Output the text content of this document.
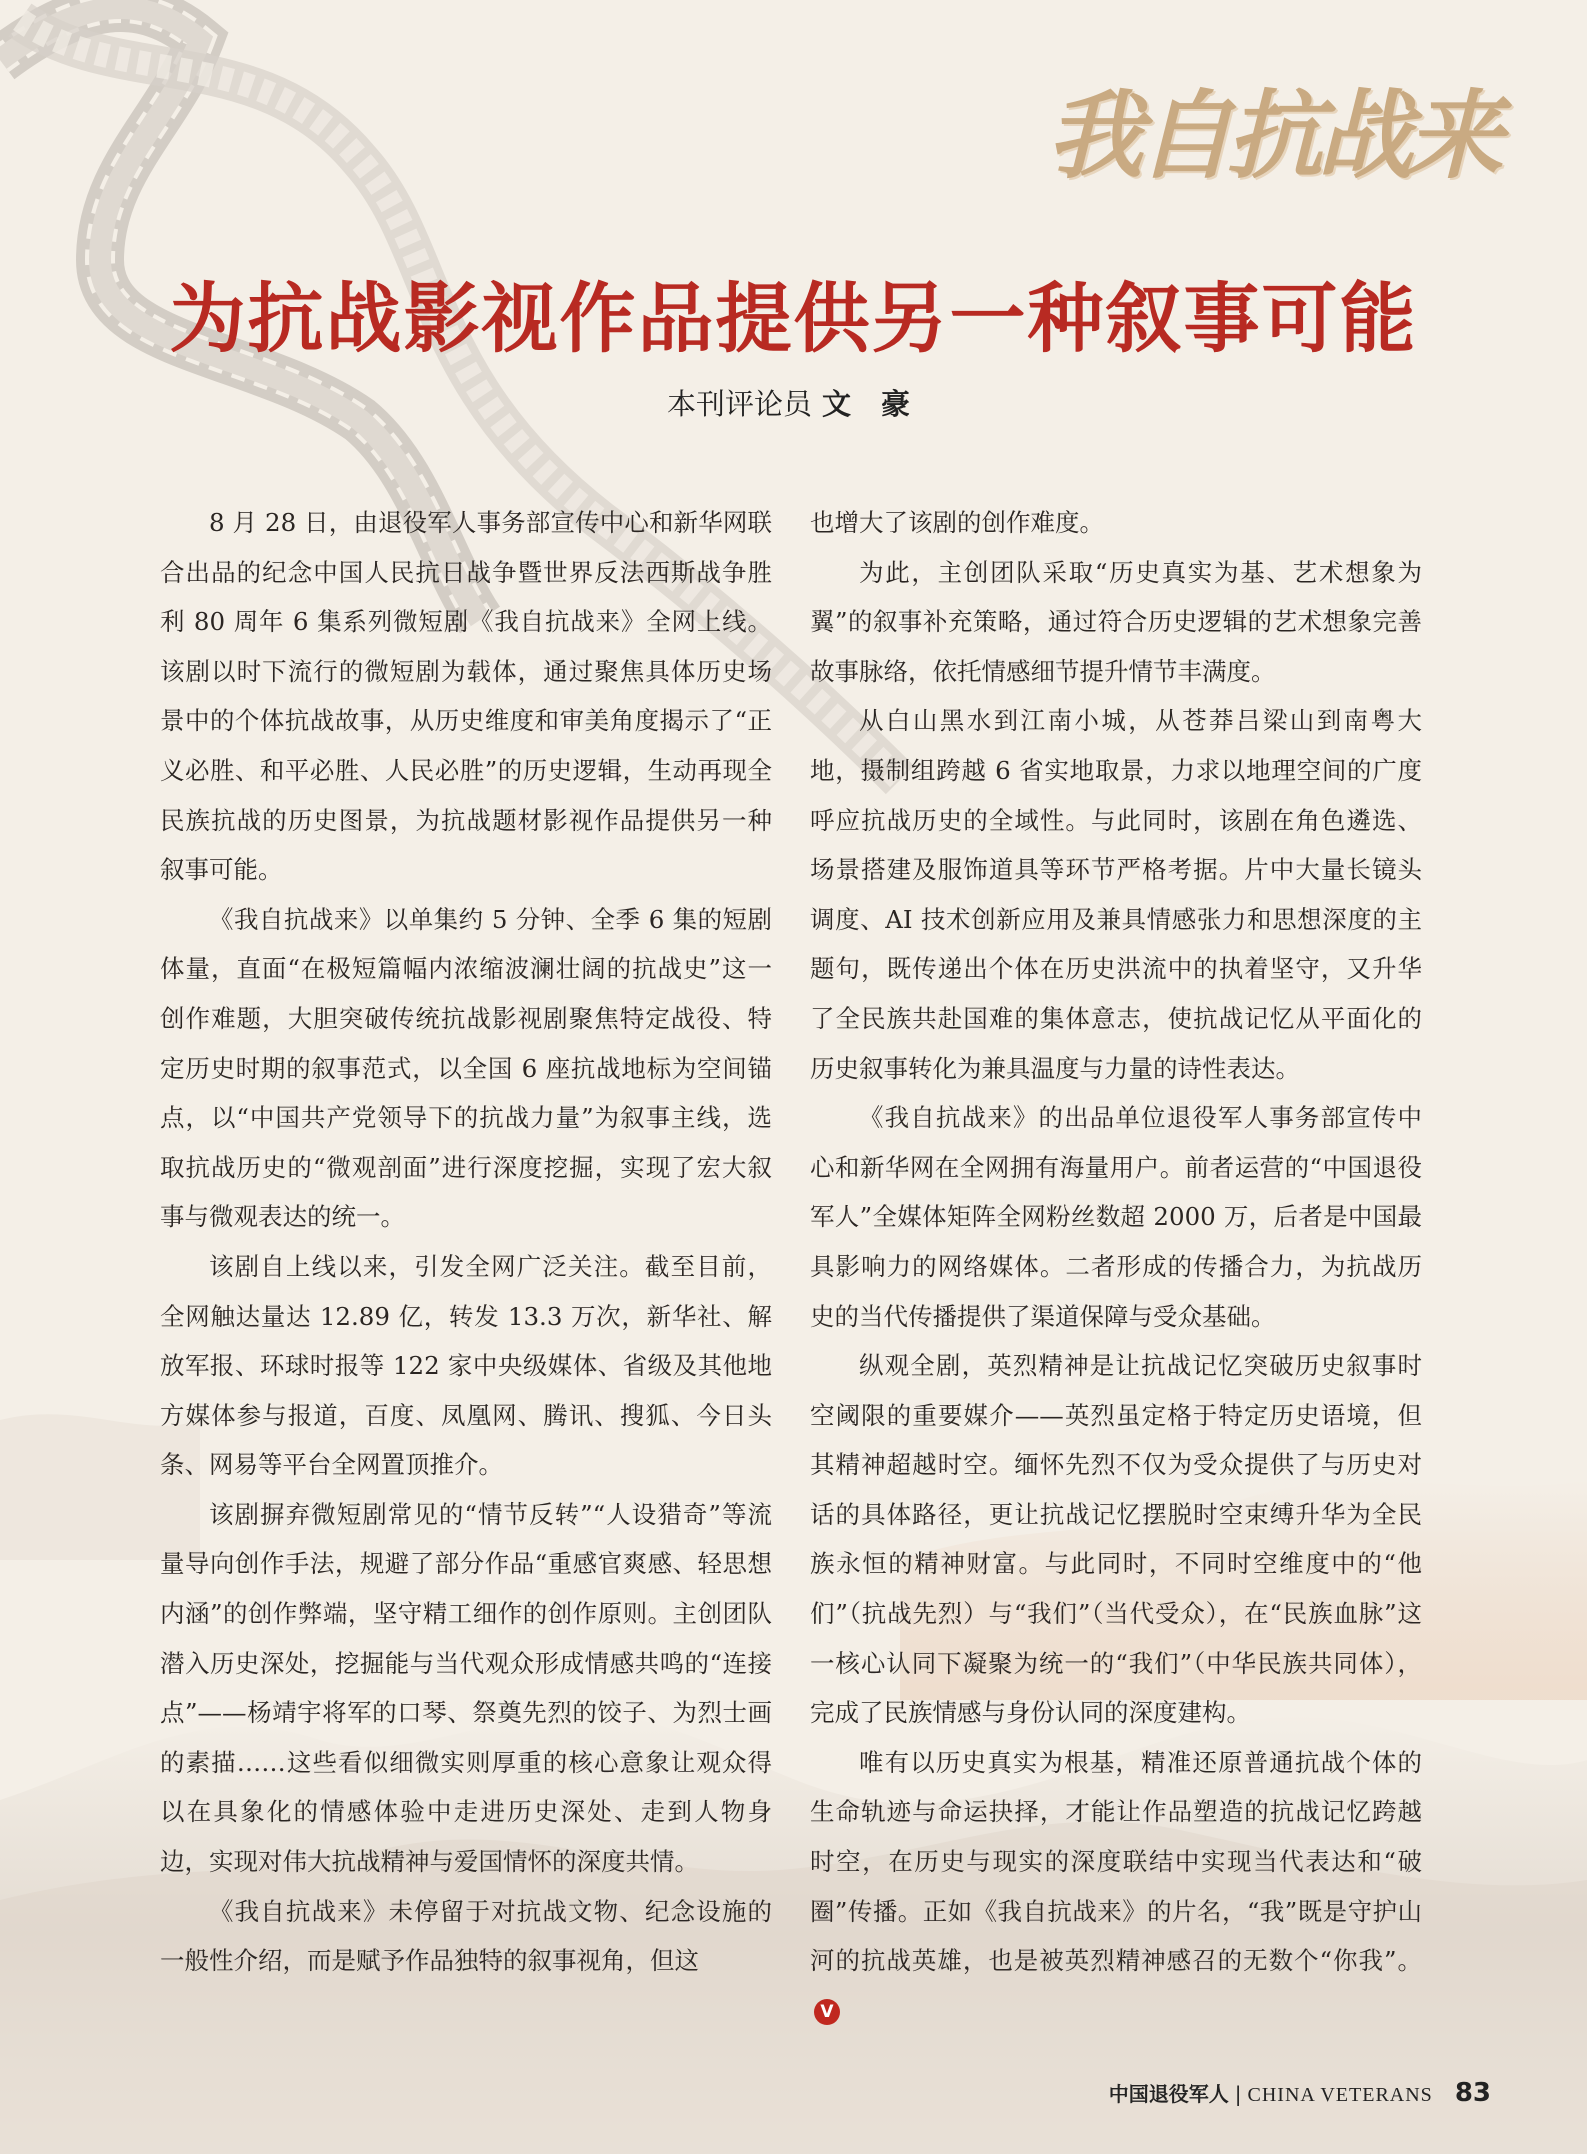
我自抗战来
为抗战影视作品提供另一种叙事可能
本刊评论员 文 豪

8 月 28 日，由退役军人事务部宣传中心和新华网联合出品的纪念中国人民抗日战争暨世界反法西斯战争胜利 80 周年 6 集系列微短剧《我自抗战来》全网上线。该剧以时下流行的微短剧为载体，通过聚焦具体历史场景中的个体抗战故事，从历史维度和审美角度揭示了“正义必胜、和平必胜、人民必胜”的历史逻辑，生动再现全民族抗战的历史图景，为抗战题材影视作品提供另一种叙事可能。

《我自抗战来》以单集约 5 分钟、全季 6 集的短剧体量，直面“在极短篇幅内浓缩波澜壮阔的抗战史”这一创作难题，大胆突破传统抗战影视剧聚焦特定战役、特定历史时期的叙事范式，以全国 6 座抗战地标为空间锚点，以“中国共产党领导下的抗战力量”为叙事主线，选取抗战历史的“微观剖面”进行深度挖掘，实现了宏大叙事与微观表达的统一。

该剧自上线以来，引发全网广泛关注。截至目前，全网触达量达 12.89 亿，转发 13.3 万次，新华社、解放军报、环球时报等 122 家中央级媒体、省级及其他地方媒体参与报道，百度、凤凰网、腾讯、搜狐、今日头条、网易等平台全网置顶推介。

该剧摒弃微短剧常见的“情节反转”“人设猎奇”等流量导向创作手法，规避了部分作品“重感官爽感、轻思想内涵”的创作弊端，坚守精工细作的创作原则。主创团队潜入历史深处，挖掘能与当代观众形成情感共鸣的“连接点”——杨靖宇将军的口琴、祭奠先烈的饺子、为烈士画的素描……这些看似细微实则厚重的核心意象让观众得以在具象化的情感体验中走进历史深处、走到人物身边，实现对伟大抗战精神与爱国情怀的深度共情。

《我自抗战来》未停留于对抗战文物、纪念设施的一般性介绍，而是赋予作品独特的叙事视角，但这

也增大了该剧的创作难度。

为此，主创团队采取“历史真实为基、艺术想象为翼”的叙事补充策略，通过符合历史逻辑的艺术想象完善故事脉络，依托情感细节提升情节丰满度。

从白山黑水到江南小城，从苍莽吕梁山到南粤大地，摄制组跨越 6 省实地取景，力求以地理空间的广度呼应抗战历史的全域性。与此同时，该剧在角色遴选、场景搭建及服饰道具等环节严格考据。片中大量长镜头调度、AI 技术创新应用及兼具情感张力和思想深度的主题句，既传递出个体在历史洪流中的执着坚守，又升华了全民族共赴国难的集体意志，使抗战记忆从平面化的历史叙事转化为兼具温度与力量的诗性表达。

《我自抗战来》的出品单位退役军人事务部宣传中心和新华网在全网拥有海量用户。前者运营的“中国退役军人”全媒体矩阵全网粉丝数超 2000 万，后者是中国最具影响力的网络媒体。二者形成的传播合力，为抗战历史的当代传播提供了渠道保障与受众基础。

纵观全剧，英烈精神是让抗战记忆突破历史叙事时空阈限的重要媒介——英烈虽定格于特定历史语境，但其精神超越时空。缅怀先烈不仅为受众提供了与历史对话的具体路径，更让抗战记忆摆脱时空束缚升华为全民族永恒的精神财富。与此同时，不同时空维度中的“他们”（抗战先烈）与“我们”（当代受众），在“民族血脉”这一核心认同下凝聚为统一的“我们”（中华民族共同体），完成了民族情感与身份认同的深度建构。

唯有以历史真实为根基，精准还原普通抗战个体的生命轨迹与命运抉择，才能让作品塑造的抗战记忆跨越时空，在历史与现实的深度联结中实现当代表达和“破圈”传播。正如《我自抗战来》的片名，“我”既是守护山河的抗战英雄，也是被英烈精神感召的无数个“你我”。V

中国退役军人 | CHINA VETERANS 83
